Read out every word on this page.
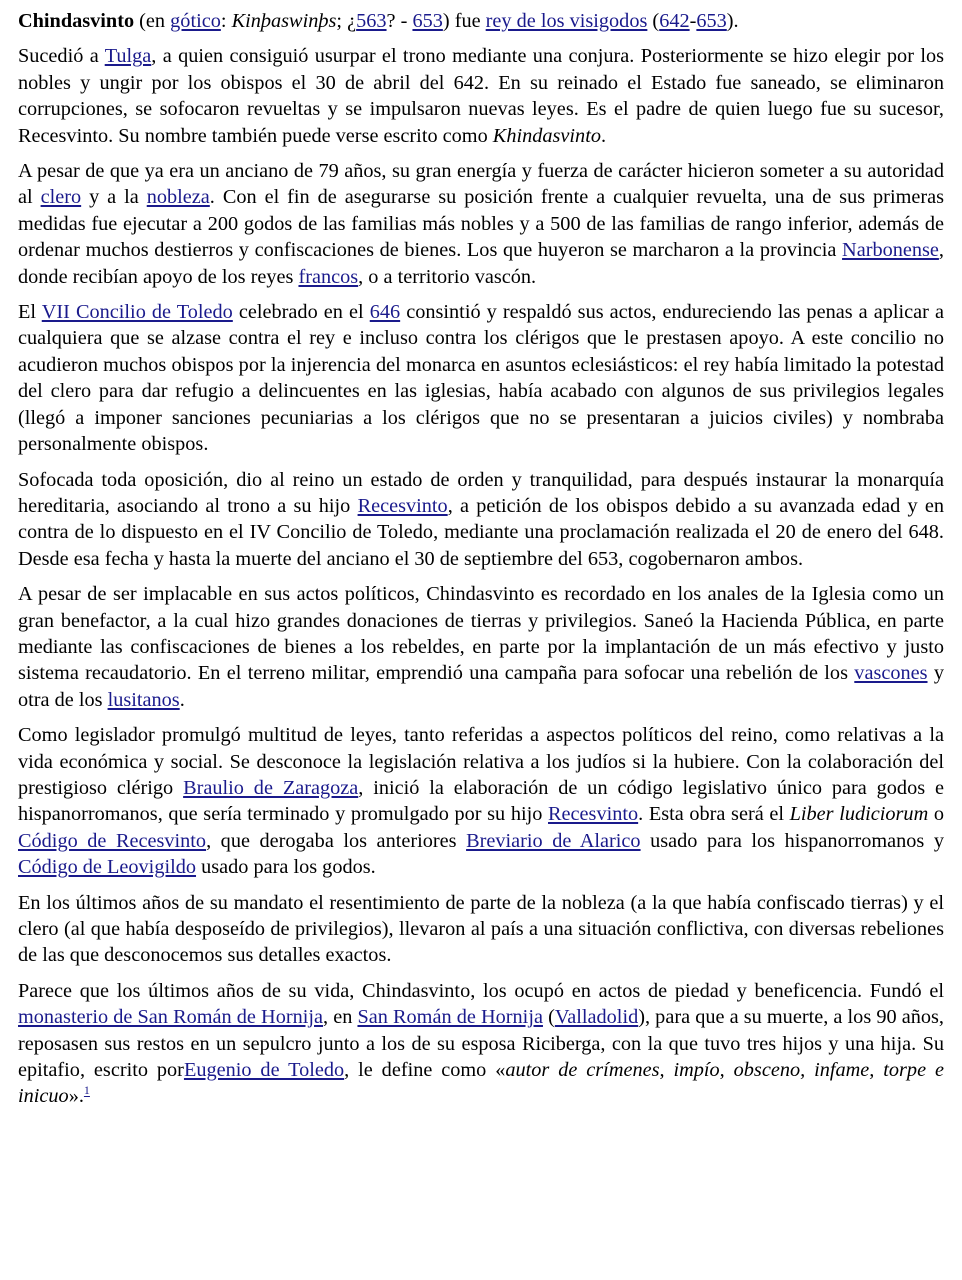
Chindasvinto (en gótico: Kinþaswinþs; ¿563? - 653) fue rey de los visigodos (642-653).

Sucedió a Tulga, a quien consiguió usurpar el trono mediante una conjura. Posteriormente se hizo elegir por los nobles y ungir por los obispos el 30 de abril del 642. En su reinado el Estado fue saneado, se eliminaron corrupciones, se sofocaron revueltas y se impulsaron nuevas leyes. Es el padre de quien luego fue su sucesor, Recesvinto. Su nombre también puede verse escrito como Khindasvinto.

A pesar de que ya era un anciano de 79 años, su gran energía y fuerza de carácter hicieron someter a su autoridad al clero y a la nobleza. Con el fin de asegurarse su posición frente a cualquier revuelta, una de sus primeras medidas fue ejecutar a 200 godos de las familias más nobles y a 500 de las familias de rango inferior, además de ordenar muchos destierros y confiscaciones de bienes. Los que huyeron se marcharon a la provincia Narbonense, donde recibían apoyo de los reyes francos, o a territorio vascón.

El VII Concilio de Toledo celebrado en el 646 consintió y respaldó sus actos, endureciendo las penas a aplicar a cualquiera que se alzase contra el rey e incluso contra los clérigos que le prestasen apoyo. A este concilio no acudieron muchos obispos por la injerencia del monarca en asuntos eclesiásticos: el rey había limitado la potestad del clero para dar refugio a delincuentes en las iglesias, había acabado con algunos de sus privilegios legales (llegó a imponer sanciones pecuniarias a los clérigos que no se presentaran a juicios civiles) y nombraba personalmente obispos.

Sofocada toda oposición, dio al reino un estado de orden y tranquilidad, para después instaurar la monarquía hereditaria, asociando al trono a su hijo Recesvinto, a petición de los obispos debido a su avanzada edad y en contra de lo dispuesto en el IV Concilio de Toledo, mediante una proclamación realizada el 20 de enero del 648. Desde esa fecha y hasta la muerte del anciano el 30 de septiembre del 653, cogobernaron ambos.

A pesar de ser implacable en sus actos políticos, Chindasvinto es recordado en los anales de la Iglesia como un gran benefactor, a la cual hizo grandes donaciones de tierras y privilegios. Saneó la Hacienda Pública, en parte mediante las confiscaciones de bienes a los rebeldes, en parte por la implantación de un más efectivo y justo sistema recaudatorio. En el terreno militar, emprendió una campaña para sofocar una rebelión de los vascones y otra de los lusitanos.

Como legislador promulgó multitud de leyes, tanto referidas a aspectos políticos del reino, como relativas a la vida económica y social. Se desconoce la legislación relativa a los judíos si la hubiere. Con la colaboración del prestigioso clérigo Braulio de Zaragoza, inició la elaboración de un código legislativo único para godos e hispanorromanos, que sería terminado y promulgado por su hijo Recesvinto. Esta obra será el Liber ludiciorum o Código de Recesvinto, que derogaba los anteriores Breviario de Alarico usado para los hispanorromanos y Código de Leovigildo usado para los godos.

En los últimos años de su mandato el resentimiento de parte de la nobleza (a la que había confiscado tierras) y el clero (al que había desposeído de privilegios), llevaron al país a una situación conflictiva, con diversas rebeliones de las que desconocemos sus detalles exactos.

Parece que los últimos años de su vida, Chindasvinto, los ocupó en actos de piedad y beneficencia. Fundó el monasterio de San Román de Hornija, en San Román de Hornija (Valladolid), para que a su muerte, a los 90 años, reposasen sus restos en un sepulcro junto a los de su esposa Riciberga, con la que tuvo tres hijos y una hija. Su epitafio, escrito porEugenio de Toledo, le define como «autor de crímenes, impío, obsceno, infame, torpe e inicuo».$^1$
